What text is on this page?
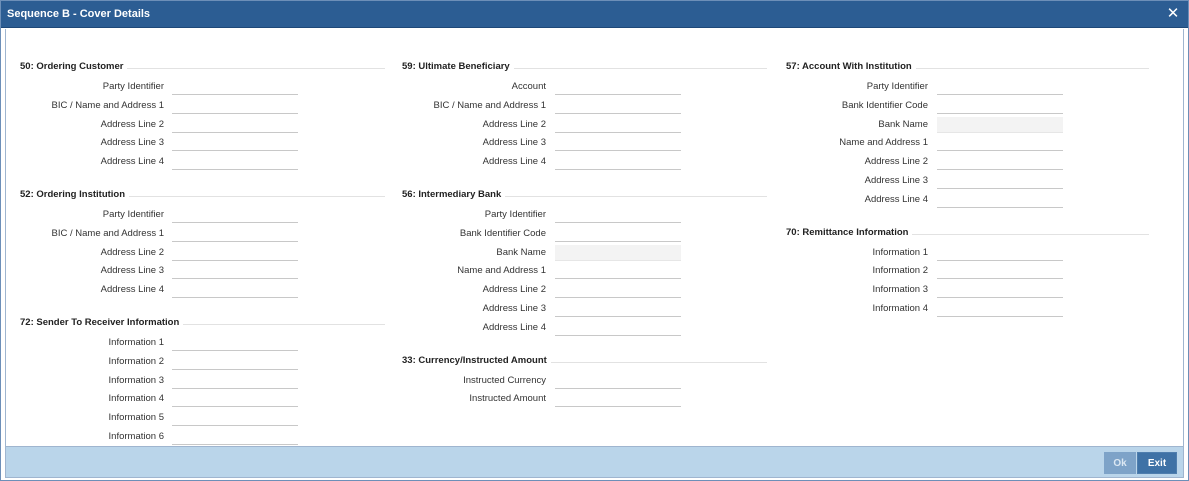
Sequence B - Cover Details	✕
50: Ordering Customer
Party Identifier
BIC / Name and Address 1
Address Line 2
Address Line 3
Address Line 4
52: Ordering Institution
Party Identifier
BIC / Name and Address 1
Address Line 2
Address Line 3
Address Line 4
72: Sender To Receiver Information
Information 1
Information 2
Information 3
Information 4
Information 5
Information 6
59: Ultimate Beneficiary
Account
BIC / Name and Address 1
Address Line 2
Address Line 3
Address Line 4
56: Intermediary Bank
Party Identifier
Bank Identifier Code
Bank Name
Name and Address 1
Address Line 2
Address Line 3
Address Line 4
33: Currency/Instructed Amount
Instructed Currency
Instructed Amount
57: Account With Institution
Party Identifier
Bank Identifier Code
Bank Name
Name and Address 1
Address Line 2
Address Line 3
Address Line 4
70: Remittance Information
Information 1
Information 2
Information 3
Information 4
Ok	Exit
